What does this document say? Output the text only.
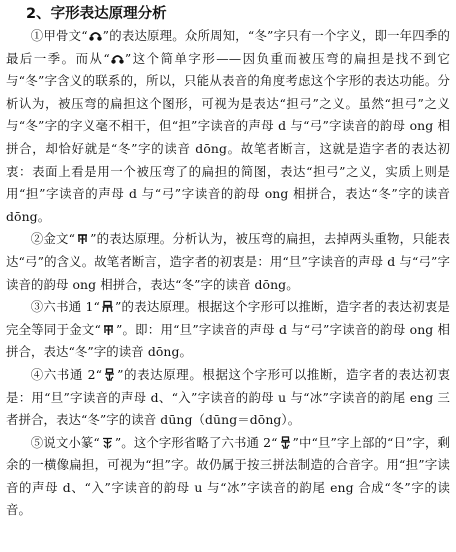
2、字形表达原理分析

①甲骨文“ ”的表达原理。众所周知，“冬”字只有一个字义，即一年四季的最后一季。而从“ ”这个简单字形——因负重而被压弯的扁担是找不到它与“冬”字含义的联系的，所以，只能从表音的角度考虑这个字形的表达功能。分析认为，被压弯的扁担这个图形，可视为是表达“担弓”之义。虽然“担弓”之义与“冬”字的字义毫不相干，但“担”字读音的声母 d 与“弓”字读音的韵母 ong 相拼合，却恰好就是“冬”字的读音 dōng。故笔者断言，这就是造字者的表达初衷：表面上看是用一个被压弯了的扁担的简图，表达“担弓”之义，实质上则是用“担”字读音的声母 d 与“弓”字读音的韵母 ong 相拼合，表达“冬”字的读音 dōng。

②金文“ ”的表达原理。分析认为，被压弯的扁担，去掉两头重物，只能表达“弓”的含义。故笔者断言，造字者的初衷是：用“旦”字读音的声母 d 与“弓”字读音的韵母 ong 相拼合，表达“冬”字的读音 dōng。

③六书通 1“ ”的表达原理。根据这个字形可以推断，造字者的表达初衷是完全等同于金文“ ”。即：用“旦”字读音的声母 d 与“弓”字读音的韵母 ong 相拼合，表达“冬”字的读音 dōng。

④六书通 2“ ”的表达原理。根据这个字形可以推断，造字者的表达初衷是：用“旦”字读音的声母 d、“入”字读音的韵母 u 与“冰”字读音的韵尾 eng 三者拼合，表达“冬”字的读音 dūng（dūng＝dōng）。

⑤说文小篆“ ”。这个字形省略了六书通 2“ ”中“旦”字上部的“日”字，剩余的一横像扁担，可视为“担”字。故仍属于按三拼法制造的合音字。用“担”字读音的声母 d、“入”字读音的韵母 u 与“冰”字读音的韵尾 eng 合成“冬”字的读音。
